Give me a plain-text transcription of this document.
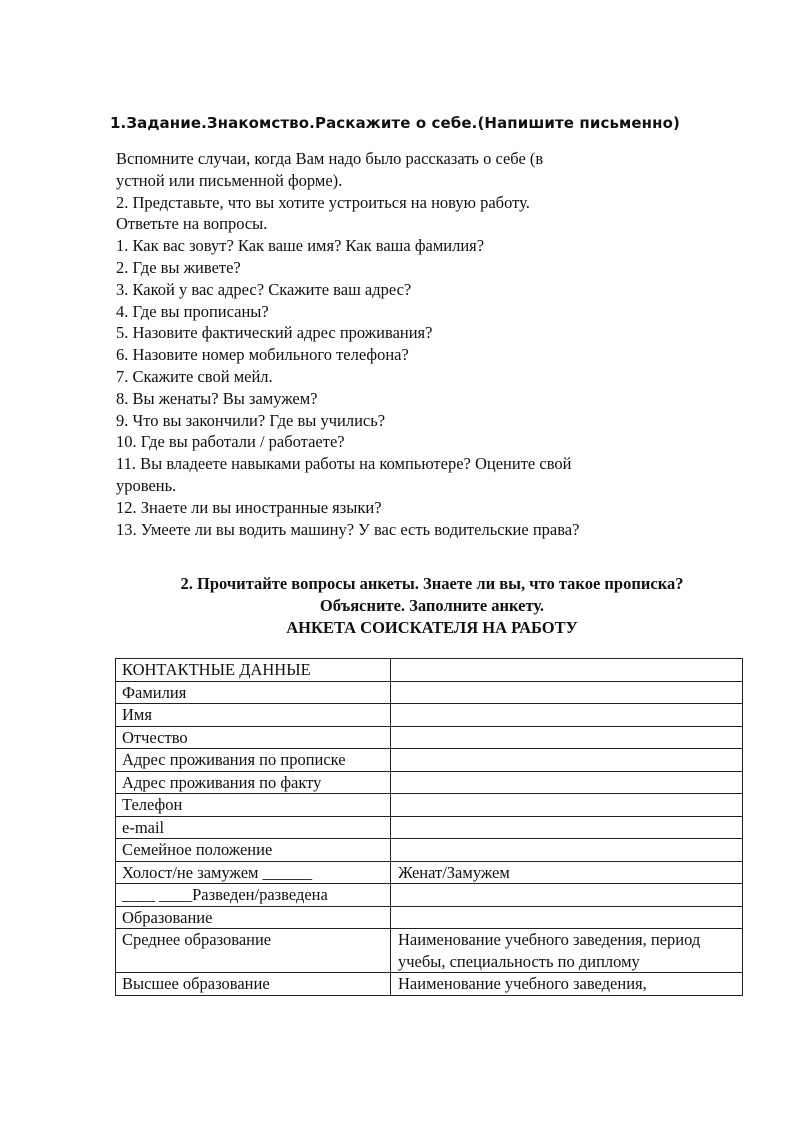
1.Задание.Знакомство.Раскажите о себе.(Напишите письменно)
Вспомните случаи, когда Вам надо было рассказать о себе (в
устной или письменной форме).
2. Представьте, что вы хотите устроиться на новую работу.
Ответьте на вопросы.
1. Как вас зовут? Как ваше имя? Как ваша фамилия?
2. Где вы живете?
3. Какой у вас адрес? Скажите ваш адрес?
4. Где вы прописаны?
5. Назовите фактический адрес проживания?
6. Назовите номер мобильного телефона?
7. Скажите свой мейл.
8. Вы женаты? Вы замужем?
9. Что вы закончили? Где вы учились?
10. Где вы работали / работаете?
11. Вы владеете навыками работы на компьютере? Оцените свой
уровень.
12. Знаете ли вы иностранные языки?
13. Умеете ли вы водить машину? У вас есть водительские права?
2. Прочитайте вопросы анкеты. Знаете ли вы, что такое прописка?
Объясните. Заполните анкету.
АНКЕТА СОИСКАТЕЛЯ НА РАБОТУ
КОНТАКТНЫЕ ДАННЫЕ	
Фамилия	
Имя	
Отчество	
Адрес проживания по прописке	
Адрес проживания по факту	
Телефон	
e-mail	
Семейное положение	
Холост/не замужем ______	Женат/Замужем
____ ____Разведен/разведена	
Образование	
Среднее образование	Наименование учебного заведения, период учебы, специальность по диплому
Высшее образование	Наименование учебного заведения,
